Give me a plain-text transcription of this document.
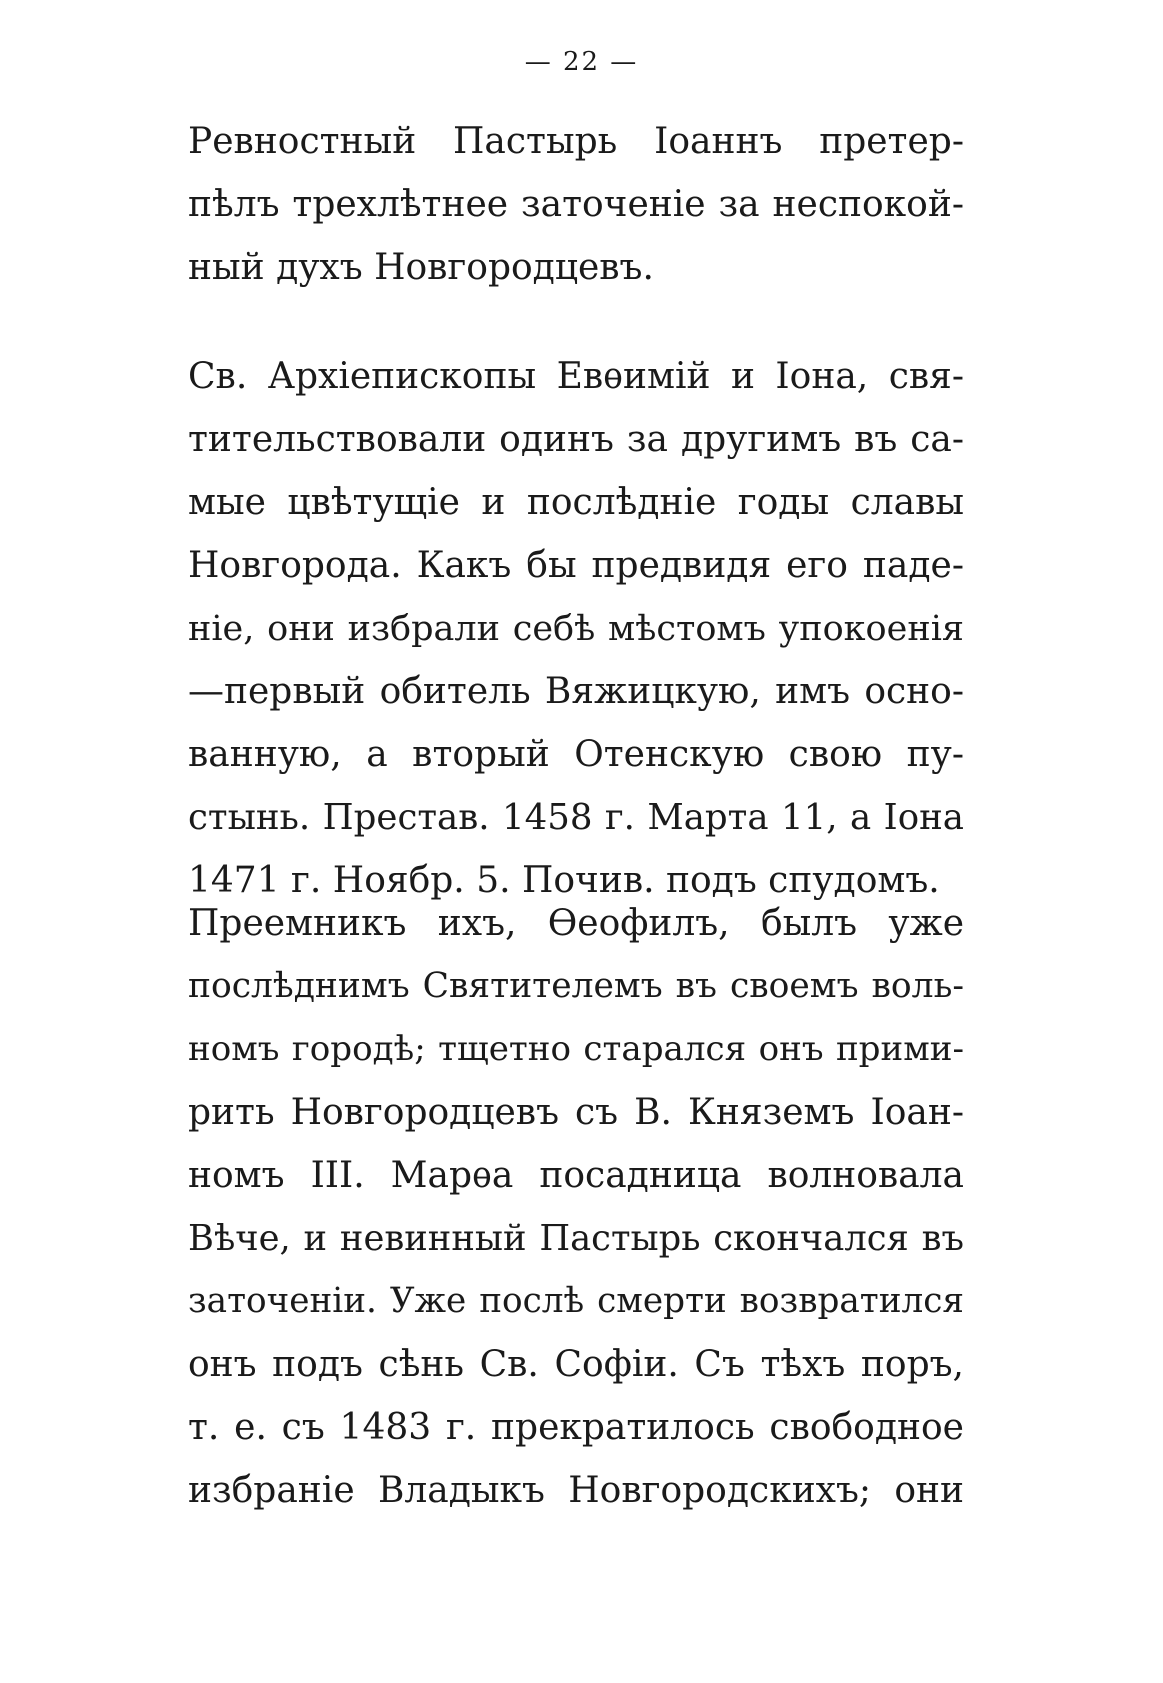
— 22 —
Ревностный Пастырь Іоаннъ претер-
пѣлъ трехлѣтнее заточеніе за неспокой-
ный духъ Новгородцевъ.
Св. Архіепископы Евѳимій и Іона, свя-
тительствовали одинъ за другимъ въ са-
мые цвѣтущіе и послѣдніе годы славы
Новгорода. Какъ бы предвидя его паде-
ніе, они избрали себѣ мѣстомъ упокоенія
—первый обитель Вяжицкую, имъ осно-
ванную, а вторый Отенскую свою пу-
стынь. Престав. 1458 г. Марта 11, а Іона
1471 г. Ноябр. 5. Почив. подъ спудомъ.
Преемникъ ихъ, Ѳеофилъ, былъ уже
послѣднимъ Святителемъ въ своемъ воль-
номъ городѣ; тщетно старался онъ прими-
рить Новгородцевъ съ В. Княземъ Іоан-
номъ III. Марѳа посадница волновала
Вѣче, и невинный Пастырь скончался въ
заточеніи. Уже послѣ смерти возвратился
онъ подъ сѣнь Св. Софіи. Съ тѣхъ поръ,
т. е. съ 1483 г. прекратилось свободное
избраніе Владыкъ Новгородскихъ; они
